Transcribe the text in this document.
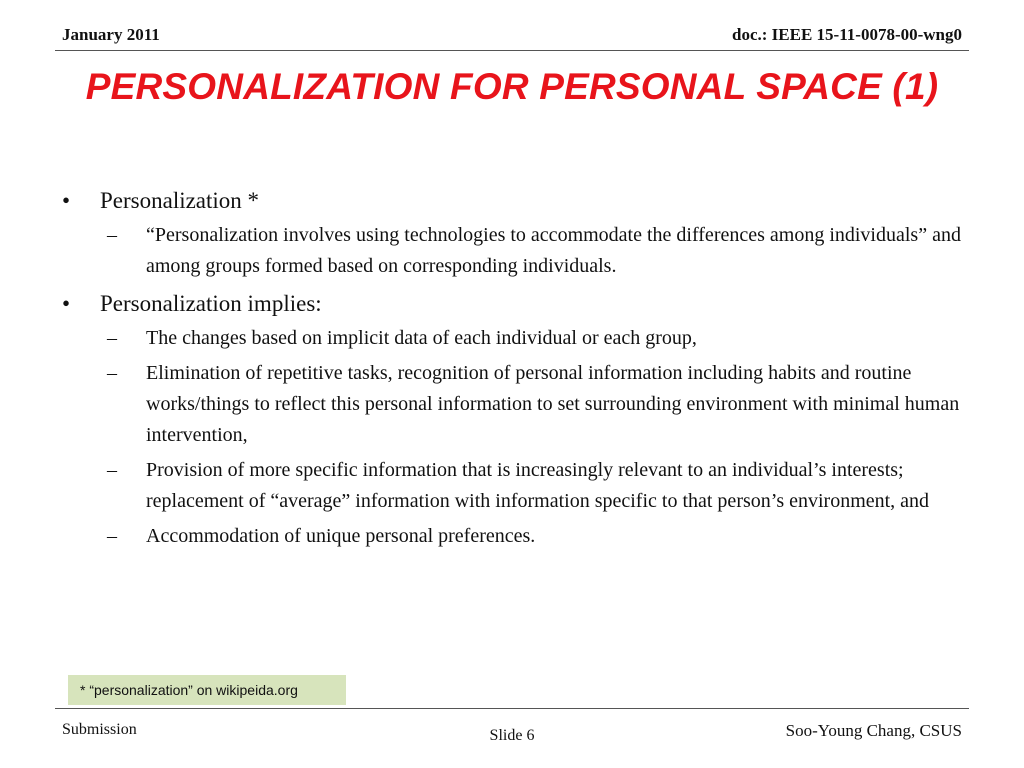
January 2011	doc.: IEEE 15-11-0078-00-wng0
PERSONALIZATION FOR PERSONAL SPACE (1)
• Personalization *
– “Personalization involves using technologies to accommodate the differences among individuals” and among groups formed based on corresponding individuals.
• Personalization implies:
– The changes based on implicit data of each individual or each group,
– Elimination of repetitive tasks, recognition of personal information including habits and routine works/things to reflect this personal information to set surrounding environment with minimal human intervention,
– Provision of more specific information that is increasingly relevant to an individual’s interests; replacement of “average” information with information specific to that person’s environment, and
– Accommodation of unique personal preferences.
* “personalization” on wikipeida.org
Submission	Slide 6	Soo-Young Chang, CSUS
